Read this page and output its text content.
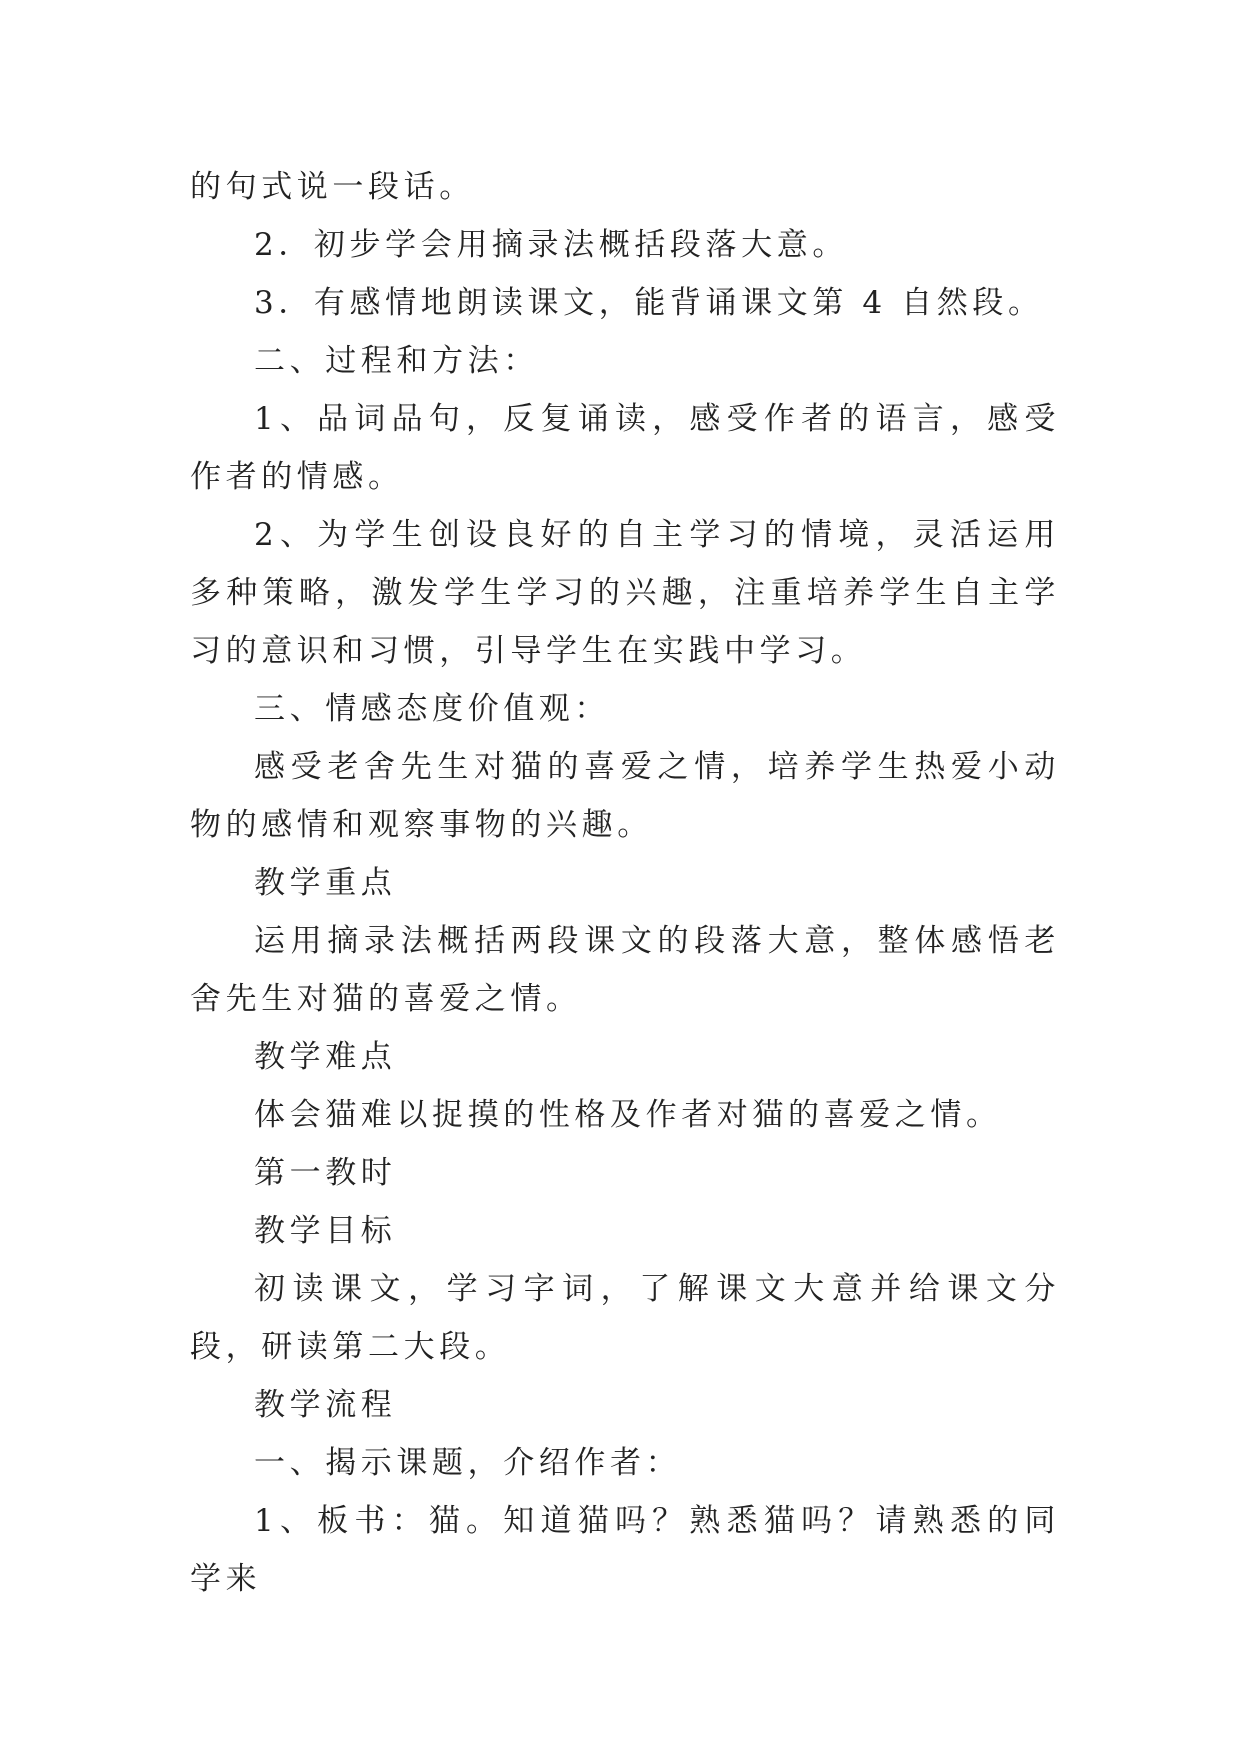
的句式说一段话。

2．初步学会用摘录法概括段落大意。

3．有感情地朗读课文，能背诵课文第 4 自然段。

二、过程和方法：

1、品词品句，反复诵读，感受作者的语言，感受作者的情感。

2、为学生创设良好的自主学习的情境，灵活运用多种策略，激发学生学习的兴趣，注重培养学生自主学习的意识和习惯，引导学生在实践中学习。

三、情感态度价值观：

感受老舍先生对猫的喜爱之情，培养学生热爱小动物的感情和观察事物的兴趣。

教学重点

运用摘录法概括两段课文的段落大意，整体感悟老舍先生对猫的喜爱之情。

教学难点

体会猫难以捉摸的性格及作者对猫的喜爱之情。

第一教时

教学目标

初读课文，学习字词，了解课文大意并给课文分段，研读第二大段。

教学流程

一、揭示课题，介绍作者：

1、板书：猫。知道猫吗？熟悉猫吗？请熟悉的同学来
